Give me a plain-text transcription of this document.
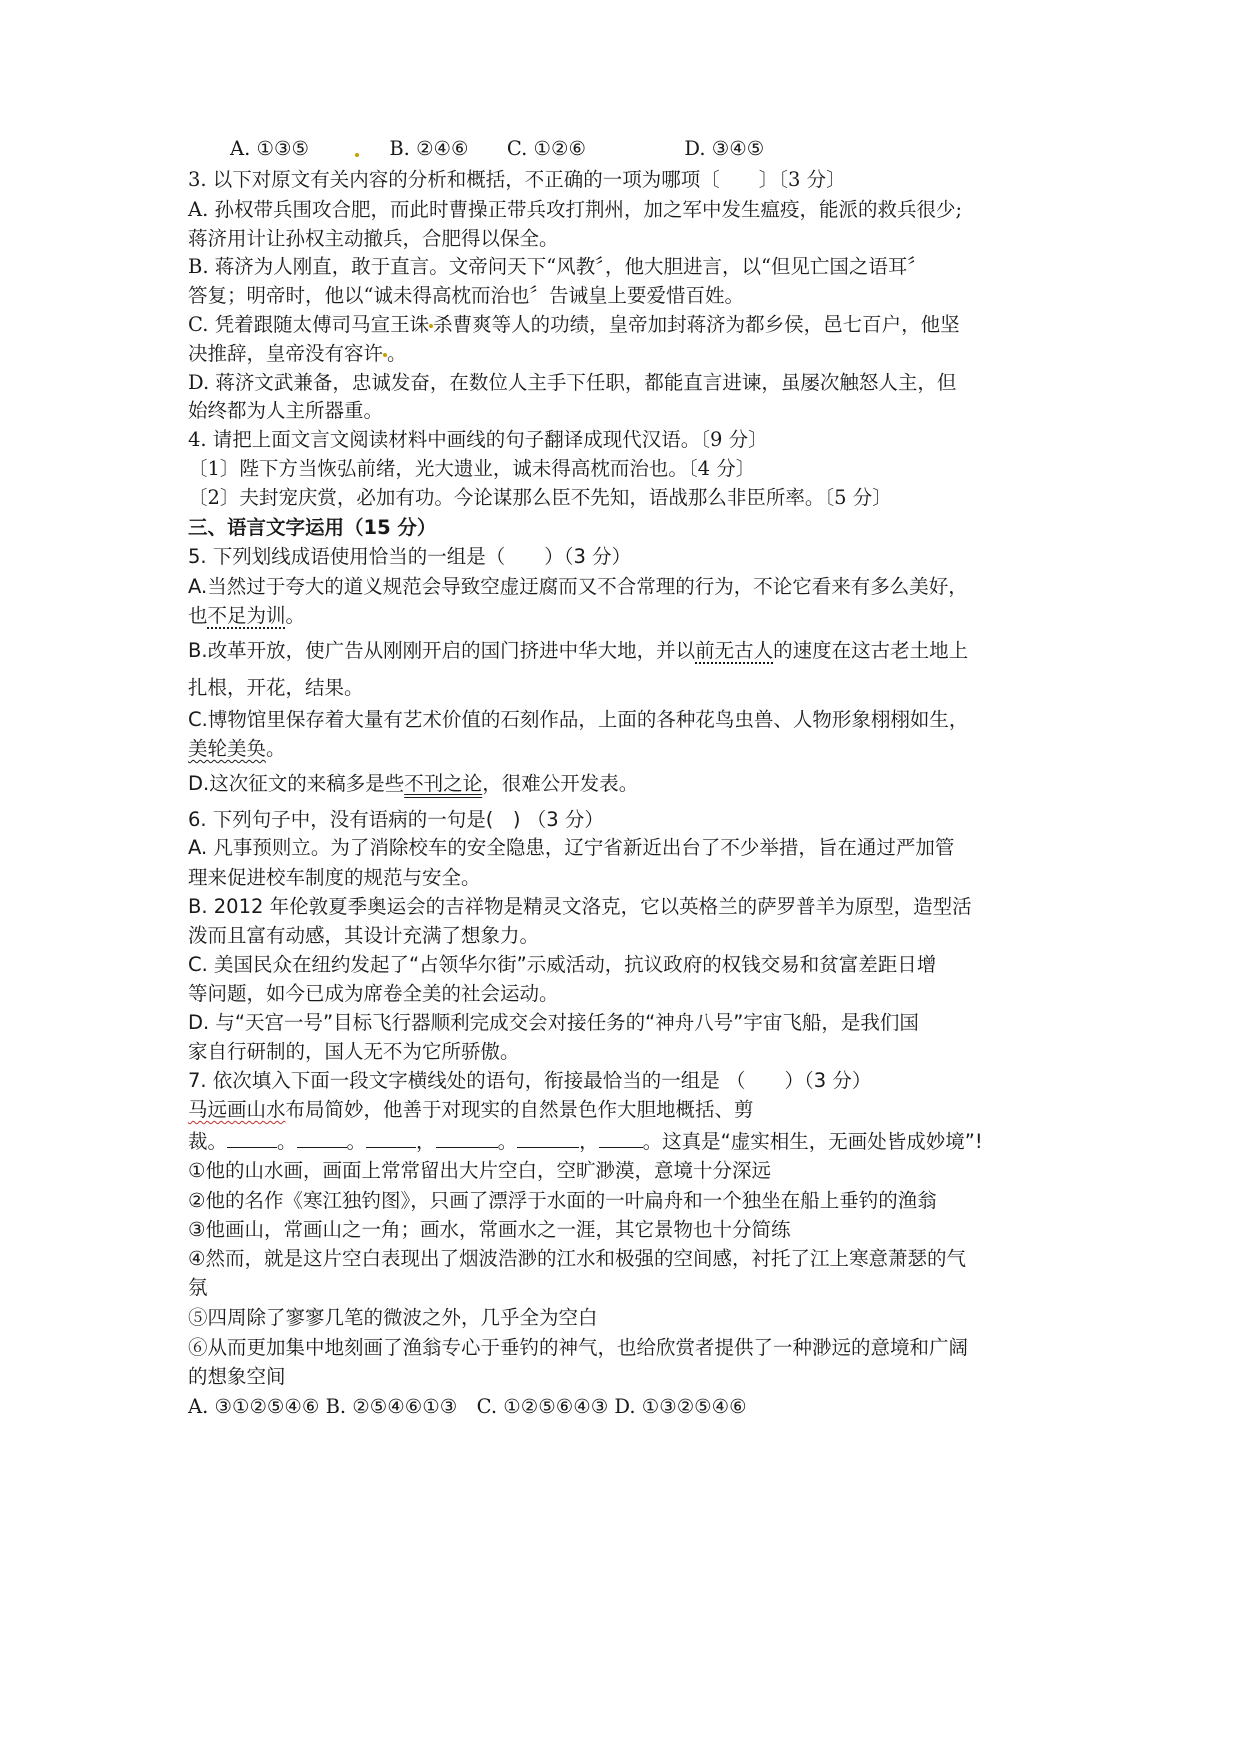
A. ①③⑤	B. ②④⑥ C. ①②⑥	D. ③④⑤
3. 以下对原文有关内容的分析和概括，不正确的一项为哪项〔　　〕〔3 分〕
A. 孙权带兵围攻合肥，而此时曹操正带兵攻打荆州，加之军中发生瘟疫，能派的救兵很少;
蒋济用计让孙权主动撤兵，合肥得以保全。
B. 蒋济为人刚直，敢于直言。文帝问天下“风教〞，他大胆进言，以“但见亡国之语耳〞
答复；明帝时，他以“诚未得高枕而治也〞告诫皇上要爱惜百姓。
C. 凭着跟随太傅司马宣王诛 杀曹爽等人的功绩，皇帝加封蒋济为都乡侯，邑七百户，他坚
决推辞，皇帝没有容许 。
D. 蒋济文武兼备，忠诚发奋，在数位人主手下任职，都能直言进谏，虽屡次触怒人主，但
始终都为人主所器重。
4. 请把上面文言文阅读材料中画线的句子翻译成现代汉语。〔9 分〕
〔1〕陛下方当恢弘前绪，光大遗业，诚未得高枕而治也。〔4 分〕
〔2〕夫封宠庆赏，必加有功。今论谋那么臣不先知，语战那么非臣所率。〔5 分〕
三、语言文字运用（15 分）
5. 下列划线成语使用恰当的一组是（　　）（3 分）
A.当然过于夸大的道义规范会导致空虚迂腐而又不合常理的行为，不论它看来有多么美好，
也不足为训。
B.改革开放，使广告从刚刚开启的国门挤进中华大地，并以前无古人的速度在这古老土地上
扎根，开花，结果。
C.博物馆里保存着大量有艺术价值的石刻作品，上面的各种花鸟虫兽、人物形象栩栩如生，
美轮美奂。
D.这次征文的来稿多是些不刊之论，很难公开发表。
6. 下列句子中，没有语病的一句是(　) （3 分）
A. 凡事预则立。为了消除校车的安全隐患，辽宁省新近出台了不少举措，旨在通过严加管
理来促进校车制度的规范与安全。
B. 2012 年伦敦夏季奥运会的吉祥物是精灵文洛克，它以英格兰的萨罗普羊为原型，造型活
泼而且富有动感，其设计充满了想象力。
C. 美国民众在纽约发起了“占领华尔街”示威活动，抗议政府的权钱交易和贫富差距日增
等问题，如今已成为席卷全美的社会运动。
D. 与“天宫一号”目标飞行器顺利完成交会对接任务的“神舟八号”宇宙飞船，是我们国
家自行研制的，国人无不为它所骄傲。
7. 依次填入下面一段文字横线处的语句，衔接最恰当的一组是 （　　）（3 分）
马远画山水布局简妙，他善于对现实的自然景色作大胆地概括、剪
裁。	。	。	，	。	， 。这真是“虚实相生，无画处皆成妙境”!
①他的山水画，画面上常常留出大片空白，空旷渺漠，意境十分深远
②他的名作《寒江独钓图》，只画了漂浮于水面的一叶扁舟和一个独坐在船上垂钓的渔翁
③他画山，常画山之一角；画水，常画水之一涯，其它景物也十分简练
④然而，就是这片空白表现出了烟波浩渺的江水和极强的空间感，衬托了江上寒意萧瑟的气
氛
⑤四周除了寥寥几笔的微波之外，几乎全为空白
⑥从而更加集中地刻画了渔翁专心于垂钓的神气，也给欣赏者提供了一种渺远的意境和广阔
的想象空间
A. ③①②⑤④⑥ B. ②⑤④⑥①③　C. ①②⑤⑥④③ D. ①③②⑤④⑥
